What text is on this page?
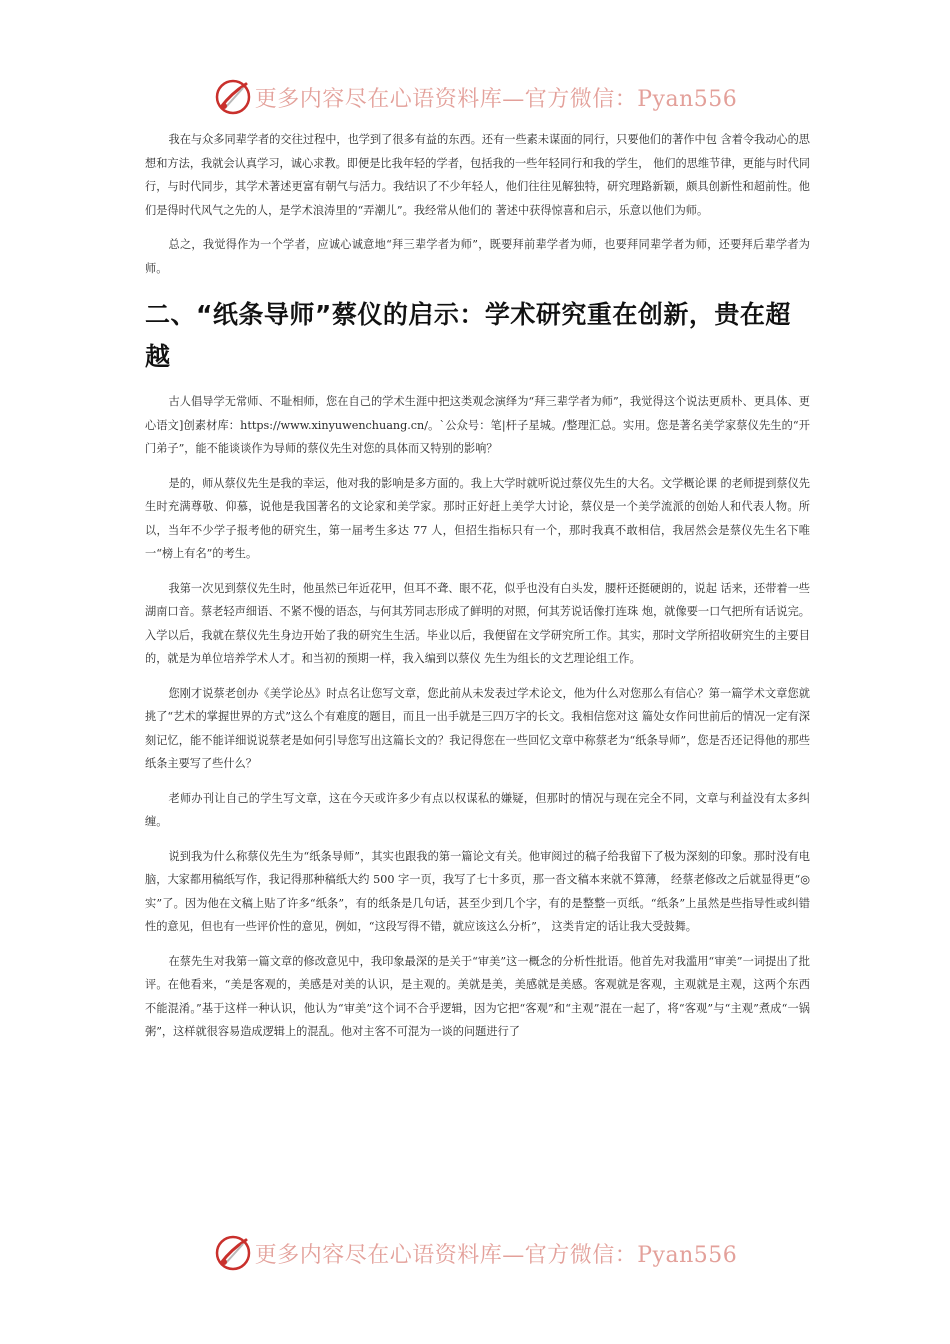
更多内容尽在心语资料库—官方微信：Pyan556

我在与众多同辈学者的交往过程中，也学到了很多有益的东西。还有一些素未谋面的同行，只要他们的著作中包 含着令我动心的思想和方法，我就会认真学习，诚心求教。即便是比我年轻的学者，包括我的一些年轻同行和我的学生， 他们的思维节律，更能与时代同行，与时代同步，其学术著述更富有朝气与活力。我结识了不少年轻人，他们往往见解独特，研究理路新颖，颇具创新性和超前性。他们是得时代风气之先的人，是学术浪涛里的“弄潮儿”。我经常从他们的 著述中获得惊喜和启示，乐意以他们为师。

总之，我觉得作为一个学者，应诚心诚意地“拜三辈学者为师”，既要拜前辈学者为师，也要拜同辈学者为师，还要拜后辈学者为师。

二、“纸条导师”蔡仪的启示：学术研究重在创新，贵在超越

古人倡导学无常师、不耻相师，您在自己的学术生涯中把这类观念演绎为“拜三辈学者为师”，我觉得这个说法更质朴、更具体、更心语文]创素材库：https://www.xinyuwenchuang.cn/。`公众号：笔|杆子星城。/整理汇总。实用。您是著名美学家蔡仪先生的“开门弟子”，能不能谈谈作为导师的蔡仪先生对您的具体而又特别的影响？

是的，师从蔡仪先生是我的幸运，他对我的影响是多方面的。我上大学时就听说过蔡仪先生的大名。文学概论课 的老师提到蔡仪先生时充满尊敬、仰慕，说他是我国著名的文论家和美学家。那时正好赶上美学大讨论，蔡仪是一个美学流派的创始人和代表人物。所以，当年不少学子报考他的研究生，第一届考生多达 77 人，但招生指标只有一个，那时我真不敢相信，我居然会是蔡仪先生名下唯一“榜上有名”的考生。

我第一次见到蔡仪先生时，他虽然已年近花甲，但耳不聋、眼不花，似乎也没有白头发，腰杆还挺硬朗的，说起 话来，还带着一些湖南口音。蔡老轻声细语、不紧不慢的语态，与何其芳同志形成了鲜明的对照，何其芳说话像打连珠 炮，就像要一口气把所有话说完。入学以后，我就在蔡仪先生身边开始了我的研究生生活。毕业以后，我便留在文学研究所工作。其实，那时文学所招收研究生的主要目的，就是为单位培养学术人才。和当初的预期一样，我入编到以蔡仪 先生为组长的文艺理论组工作。

您刚才说蔡老创办《美学论丛》时点名让您写文章，您此前从未发表过学术论文，他为什么对您那么有信心？第一篇学术文章您就挑了“艺术的掌握世界的方式”这么个有难度的题目，而且一出手就是三四万字的长文。我相信您对这 篇处女作问世前后的情况一定有深刻记忆，能不能详细说说蔡老是如何引导您写出这篇长文的？我记得您在一些回忆文章中称蔡老为“纸条导师”，您是否还记得他的那些纸条主要写了些什么？

老师办刊让自己的学生写文章，这在今天或许多少有点以权谋私的嫌疑，但那时的情况与现在完全不同，文章与利益没有太多纠缠。

说到我为什么称蔡仪先生为“纸条导师”，其实也跟我的第一篇论文有关。他审阅过的稿子给我留下了极为深刻的印象。那时没有电脑，大家都用稿纸写作，我记得那种稿纸大约 500 字一页，我写了七十多页，那一沓文稿本来就不算薄， 经蔡老修改之后就显得更“◎实”了。因为他在文稿上贴了许多“纸条”，有的纸条是几句话，甚至少到几个字，有的是整整一页纸。“纸条”上虽然是些指导性或纠错性的意见，但也有一些评价性的意见，例如，“这段写得不错，就应该这么分析”， 这类肯定的话让我大受鼓舞。

在蔡先生对我第一篇文章的修改意见中，我印象最深的是关于“审美”这一概念的分析性批语。他首先对我滥用“审美”一词提出了批评。在他看来，“美是客观的，美感是对美的认识，是主观的。美就是美，美感就是美感。客观就是客观，主观就是主观，这两个东西不能混淆。”基于这样一种认识，他认为“审美”这个词不合乎逻辑，因为它把“客观”和“主观”混在一起了，将“客观”与“主观”煮成“一锅粥”，这样就很容易造成逻辑上的混乱。他对主客不可混为一谈的问题进行了

更多内容尽在心语资料库—官方微信：Pyan556
